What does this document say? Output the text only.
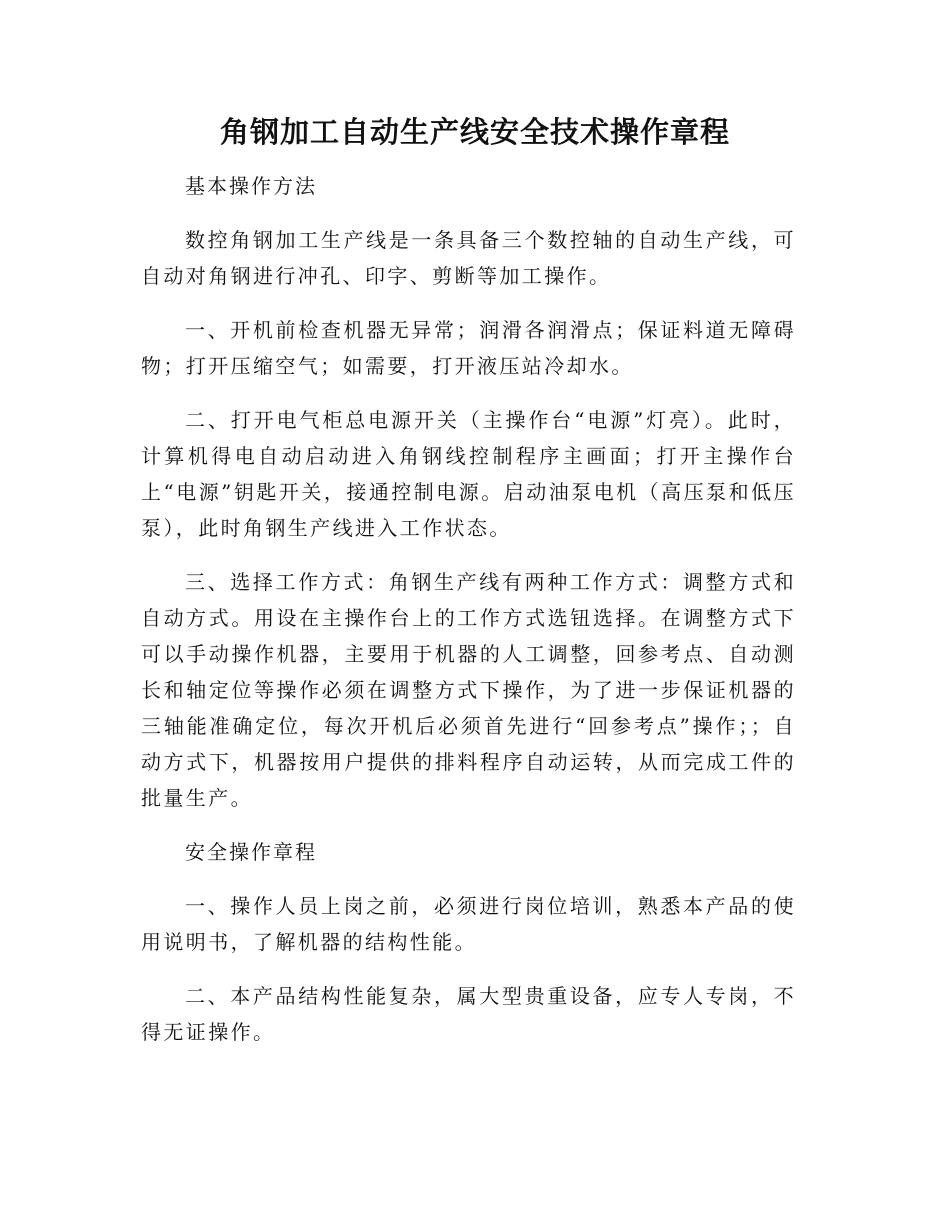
角钢加工自动生产线安全技术操作章程

基本操作方法

数控角钢加工生产线是一条具备三个数控轴的自动生产线，可自动对角钢进行冲孔、印字、剪断等加工操作。

一、开机前检查机器无异常；润滑各润滑点；保证料道无障碍物；打开压缩空气；如需要，打开液压站冷却水。

二、打开电气柜总电源开关（主操作台“电源”灯亮）。此时，计算机得电自动启动进入角钢线控制程序主画面；打开主操作台上“电源”钥匙开关，接通控制电源。启动油泵电机（高压泵和低压泵），此时角钢生产线进入工作状态。

三、选择工作方式：角钢生产线有两种工作方式：调整方式和自动方式。用设在主操作台上的工作方式选钮选择。在调整方式下可以手动操作机器，主要用于机器的人工调整，回参考点、自动测长和轴定位等操作必须在调整方式下操作，为了进一步保证机器的三轴能准确定位，每次开机后必须首先进行“回参考点”操作；；自动方式下，机器按用户提供的排料程序自动运转，从而完成工件的批量生产。

安全操作章程

一、操作人员上岗之前，必须进行岗位培训，熟悉本产品的使用说明书，了解机器的结构性能。

二、本产品结构性能复杂，属大型贵重设备，应专人专岗，不得无证操作。
